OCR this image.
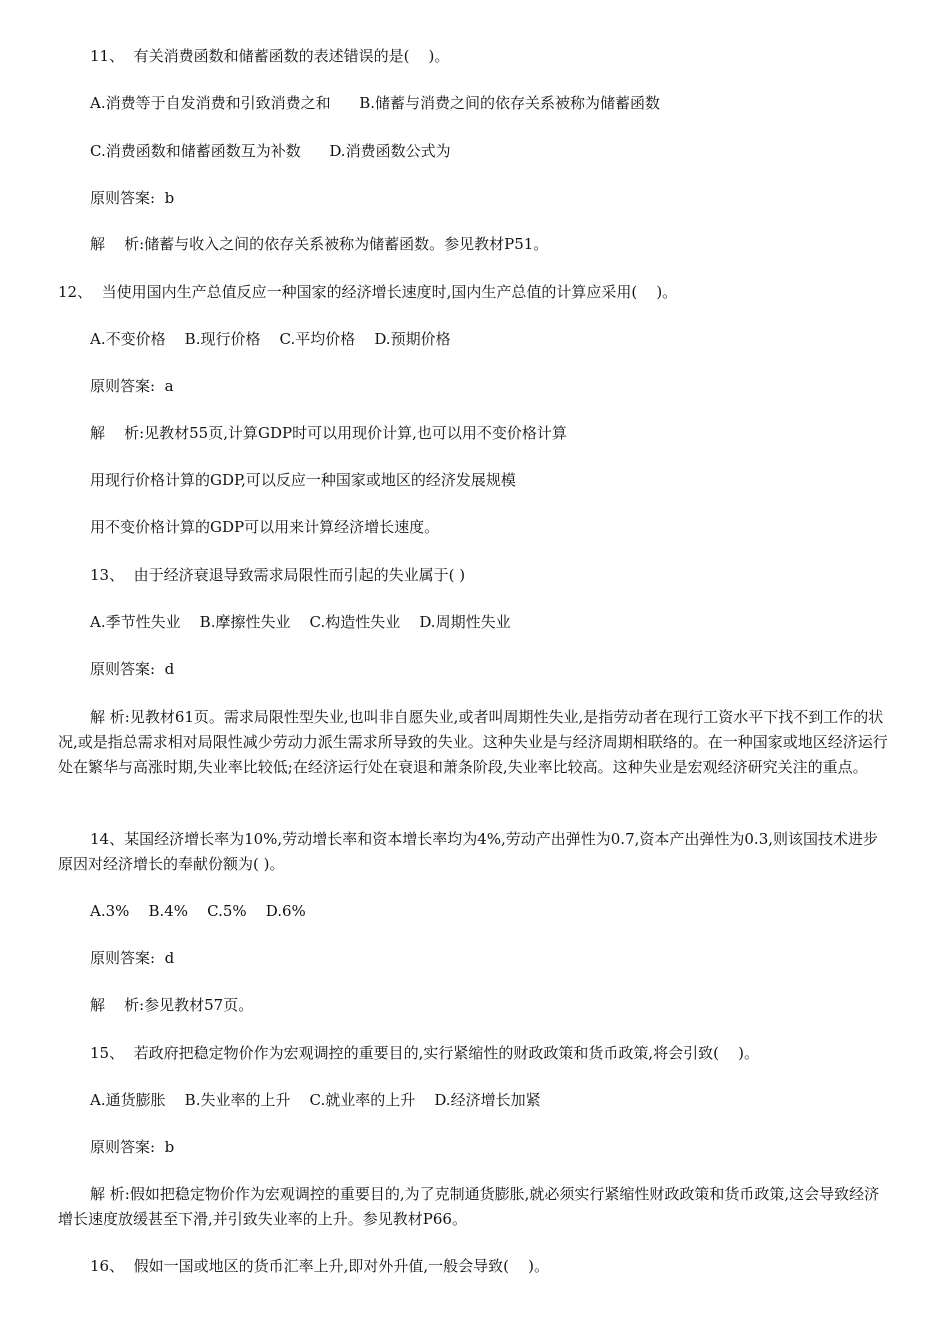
11、  有关消费函数和储蓄函数的表述错误的是(    )。
A.消费等于自发消费和引致消费之和      B.储蓄与消费之间的依存关系被称为储蓄函数
C.消费函数和储蓄函数互为补数      D.消费函数公式为
原则答案:  b
解    析:储蓄与收入之间的依存关系被称为储蓄函数。参见教材P51。
12、  当使用国内生产总值反应一种国家的经济增长速度时,国内生产总值的计算应采用(    )。
A.不变价格    B.现行价格    C.平均价格    D.预期价格
原则答案:  a
解    析:见教材55页,计算GDP时可以用现价计算,也可以用不变价格计算
用现行价格计算的GDP,可以反应一种国家或地区的经济发展规模
用不变价格计算的GDP可以用来计算经济增长速度。
13、  由于经济衰退导致需求局限性而引起的失业属于( )
A.季节性失业    B.摩擦性失业    C.构造性失业    D.周期性失业
原则答案:  d
解 析:见教材61页。需求局限性型失业,也叫非自愿失业,或者叫周期性失业,是指劳动者在现行工资水平下找不到工作的状况,或是指总需求相对局限性减少劳动力派生需求所导致的失业。这种失业是与经济周期相联络的。在一种国家或地区经济运行处在繁华与高涨时期,失业率比较低;在经济运行处在衰退和萧条阶段,失业率比较高。这种失业是宏观经济研究关注的重点。
14、某国经济增长率为10%,劳动增长率和资本增长率均为4%,劳动产出弹性为0.7,资本产出弹性为0.3,则该国技术进步原因对经济增长的奉献份额为( )。
A.3%    B.4%    C.5%    D.6%
原则答案:  d
解    析:参见教材57页。
15、  若政府把稳定物价作为宏观调控的重要目的,实行紧缩性的财政政策和货币政策,将会引致(    )。
A.通货膨胀    B.失业率的上升    C.就业率的上升    D.经济增长加紧
原则答案:  b
解 析:假如把稳定物价作为宏观调控的重要目的,为了克制通货膨胀,就必须实行紧缩性财政政策和货币政策,这会导致经济增长速度放缓甚至下滑,并引致失业率的上升。参见教材P66。
16、  假如一国或地区的货币汇率上升,即对外升值,一般会导致(    )。
